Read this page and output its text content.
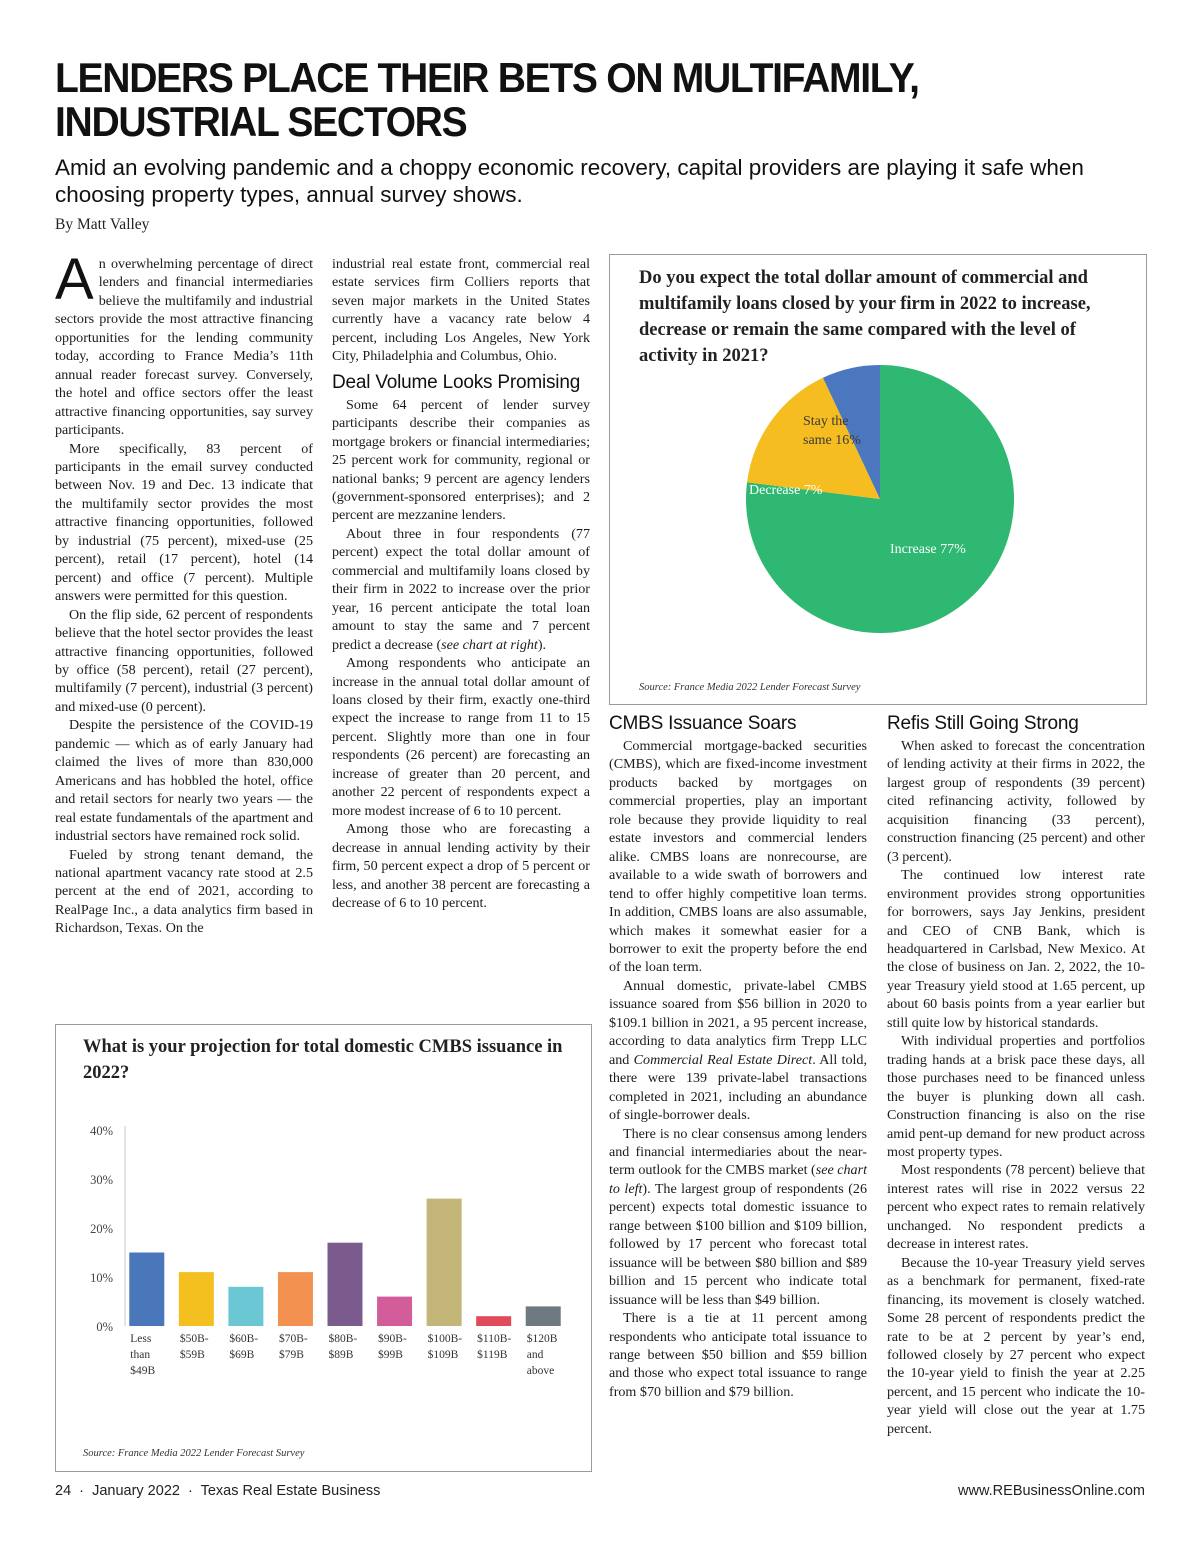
LENDERS PLACE THEIR BETS ON MULTIFAMILY, INDUSTRIAL SECTORS

Amid an evolving pandemic and a choppy economic recovery, capital providers are playing it safe when choosing property types, annual survey shows.

By Matt Valley

An overwhelming percentage of direct lenders and financial intermediaries believe the multifamily and industrial sectors provide the most attractive financing opportunities for the lending community today, according to France Media’s 11th annual reader forecast survey. Conversely, the hotel and office sectors offer the least attractive financing opportunities, say survey participants.

More specifically, 83 percent of participants in the email survey conducted between Nov. 19 and Dec. 13 indicate that the multifamily sector provides the most attractive financing opportunities, followed by industrial (75 percent), mixed-use (25 percent), retail (17 percent), hotel (14 percent) and office (7 percent). Multiple answers were permitted for this question.

On the flip side, 62 percent of respondents believe that the hotel sector provides the least attractive financing opportunities, followed by office (58 percent), retail (27 percent), multifamily (7 percent), industrial (3 percent) and mixed-use (0 percent).

Despite the persistence of the COVID-19 pandemic — which as of early January had claimed the lives of more than 830,000 Americans and has hobbled the hotel, office and retail sectors for nearly two years — the real estate fundamentals of the apartment and industrial sectors have remained rock solid.

Fueled by strong tenant demand, the national apartment vacancy rate stood at 2.5 percent at the end of 2021, according to RealPage Inc., a data analytics firm based in Richardson, Texas. On the

industrial real estate front, commercial real estate services firm Colliers reports that seven major markets in the United States currently have a vacancy rate below 4 percent, including Los Angeles, New York City, Philadelphia and Columbus, Ohio.

Deal Volume Looks Promising

Some 64 percent of lender survey participants describe their companies as mortgage brokers or financial intermediaries; 25 percent work for community, regional or national banks; 9 percent are agency lenders (government-sponsored enterprises); and 2 percent are mezzanine lenders.

About three in four respondents (77 percent) expect the total dollar amount of commercial and multifamily loans closed by their firm in 2022 to increase over the prior year, 16 percent anticipate the total loan amount to stay the same and 7 percent predict a decrease (see chart at right).

Among respondents who anticipate an increase in the annual total dollar amount of loans closed by their firm, exactly one-third expect the increase to range from 11 to 15 percent. Slightly more than one in four respondents (26 percent) are forecasting an increase of greater than 20 percent, and another 22 percent of respondents expect a more modest increase of 6 to 10 percent.

Among those who are forecasting a decrease in annual lending activity by their firm, 50 percent expect a drop of 5 percent or less, and another 38 percent are forecasting a decrease of 6 to 10 percent.

Do you expect the total dollar amount of commercial and multifamily loans closed by your firm in 2022 to increase, decrease or remain the same compared with the level of activity in 2021?

Increase 77%
Decrease 7%
Stay the
same 16%
Source: France Media 2022 Lender Forecast Survey

What is your projection for total domestic CMBS issuance in 2022?

0%
10%
20%
30%
40%
Less
than
$49B
$50B-
$59B
$60B-
$69B
$70B-
$79B
$80B-
$89B
$90B-
$99B
$100B-
$109B
$110B-
$119B
$120B
and
above
Source: France Media 2022 Lender Forecast Survey
CMBS Issuance Soars

Commercial mortgage-backed securities (CMBS), which are fixed-income investment products backed by mortgages on commercial properties, play an important role because they provide liquidity to real estate investors and commercial lenders alike. CMBS loans are nonrecourse, are available to a wide swath of borrowers and tend to offer highly competitive loan terms. In addition, CMBS loans are also assumable, which makes it somewhat easier for a borrower to exit the property before the end of the loan term.

Annual domestic, private-label CMBS issuance soared from $56 billion in 2020 to $109.1 billion in 2021, a 95 percent increase, according to data analytics firm Trepp LLC and Commercial Real Estate Direct. All told, there were 139 private-label transactions completed in 2021, including an abundance of single-borrower deals.

There is no clear consensus among lenders and financial intermediaries about the near-term outlook for the CMBS market (see chart to left). The largest group of respondents (26 percent) expects total domestic issuance to range between $100 billion and $109 billion, followed by 17 percent who forecast total issuance will be between $80 billion and $89 billion and 15 percent who indicate total issuance will be less than $49 billion.

There is a tie at 11 percent among respondents who anticipate total issuance to range between $50 billion and $59 billion and those who expect total issuance to range from $70 billion and $79 billion.

Refis Still Going Strong

When asked to forecast the concentration of lending activity at their firms in 2022, the largest group of respondents (39 percent) cited refinancing activity, followed by acquisition financing (33 percent), construction financing (25 percent) and other (3 percent).

The continued low interest rate environment provides strong opportunities for borrowers, says Jay Jenkins, president and CEO of CNB Bank, which is headquartered in Carlsbad, New Mexico. At the close of business on Jan. 2, 2022, the 10-year Treasury yield stood at 1.65 percent, up about 60 basis points from a year earlier but still quite low by historical standards.

With individual properties and portfolios trading hands at a brisk pace these days, all those purchases need to be financed unless the buyer is plunking down all cash. Construction financing is also on the rise amid pent-up demand for new product across most property types.

Most respondents (78 percent) believe that interest rates will rise in 2022 versus 22 percent who expect rates to remain relatively unchanged. No respondent predicts a decrease in interest rates.

Because the 10-year Treasury yield serves as a benchmark for permanent, fixed-rate financing, its movement is closely watched. Some 28 percent of respondents predict the rate to be at 2 percent by year’s end, followed closely by 27 percent who expect the 10-year yield to finish the year at 2.25 percent, and 15 percent who indicate the 10-year yield will close out the year at 1.75 percent.

24  ·  January 2022  ·  Texas Real Estate Business	www.REBusinessOnline.com
